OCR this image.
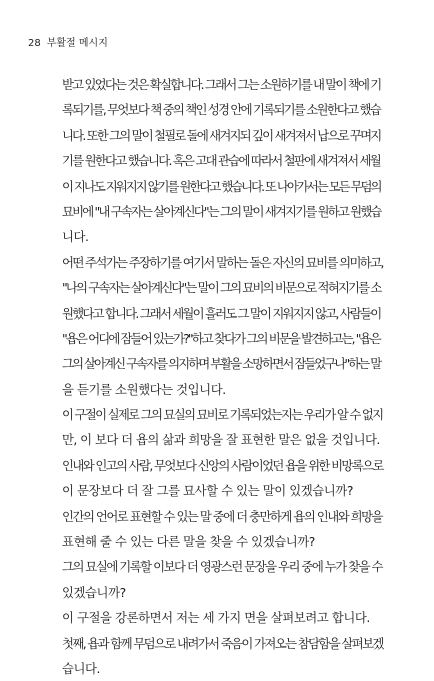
28 부활절 메시지
받고 있었다는 것은 확실합니다. 그래서 그는 소원하기를 내 말이 책에 기
록되기를, 무엇보다 책 중의 책인 성경 안에 기록되기를 소원한다고 했습
니다. 또한 그의 말이 철필로 돌에 새겨지되 깊이 새겨져서 납으로 꾸며지
기를 원한다고 했습니다. 혹은 고대 관습에 따라서 철판에 새겨져서 세월
이 지나도 지워지지 않기를 원한다고 했습니다. 또 나아가서는 모든 무덤의
묘비에 "내 구속자는 살아계신다"는 그의 말이 새겨지기를 원하고 원했습
니다.
어떤 주석가는 주장하기를 여기서 말하는 돌은 자신의 묘비를 의미하고,
"나의 구속자는 살아계신다"는 말이 그의 묘비의 비문으로 적혀지기를 소
원했다고 합니다. 그래서 세월이 흘러도 그 말이 지워지지 않고, 사람들이
"욥은 어디에 잠들어 있는가?"하고 찾다가 그의 비문을 발견하고는, "욥은
그의 살아계신 구속자를 의지하며 부활을 소망하면서 잠들었구나"하는 말
을 듣기를 소원했다는 것입니다.
이 구절이 실제로 그의 묘실의 묘비로 기록되었는지는 우리가 알 수 없지
만, 이 보다 더 욥의 삶과 희망을 잘 표현한 말은 없을 것입니다.
인내와 인고의 사람, 무엇보다 신앙의 사람이었던 욥을 위한 비망록으로
이 문장보다 더 잘 그를 묘사할 수 있는 말이 있겠습니까?
인간의 언어로 표현할 수 있는 말 중에 더 충만하게 욥의 인내와 희망을
표현해 줄 수 있는 다른 말을 찾을 수 있겠습니까?
그의 묘실에 기록할 이보다 더 영광스런 문장을 우리 중에 누가 찾을 수
있겠습니까?
이 구절을 강론하면서 저는 세 가지 면을 살펴보려고 합니다.
첫째, 욥과 함께 무덤으로 내려가서 죽음이 가져오는 참담함을 살펴보겠
습니다.
